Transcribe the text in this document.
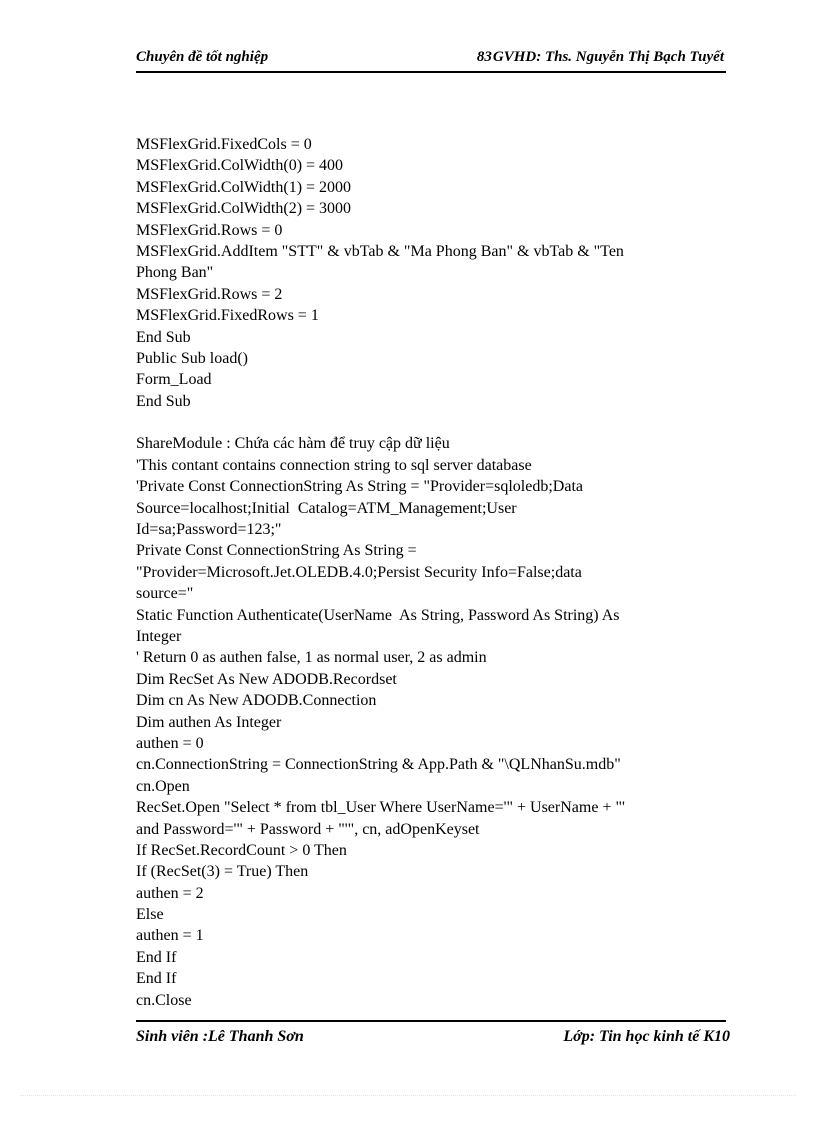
Chuyên đề tốt nghiệp	83GVHD: Ths. Nguyễn Thị Bạch Tuyết
MSFlexGrid.FixedCols = 0
MSFlexGrid.ColWidth(0) = 400
MSFlexGrid.ColWidth(1) = 2000
MSFlexGrid.ColWidth(2) = 3000
MSFlexGrid.Rows = 0
MSFlexGrid.AddItem "STT" & vbTab & "Ma Phong Ban" & vbTab & "Ten
Phong Ban"
MSFlexGrid.Rows = 2
MSFlexGrid.FixedRows = 1
End Sub
Public Sub load()
Form_Load
End Sub
ShareModule : Chứa các hàm để truy cập dữ liệu
'This contant contains connection string to sql server database
'Private Const ConnectionString As String = "Provider=sqloledb;Data
Source=localhost;Initial  Catalog=ATM_Management;User
Id=sa;Password=123;"
Private Const ConnectionString As String =
"Provider=Microsoft.Jet.OLEDB.4.0;Persist Security Info=False;data
source="
Static Function Authenticate(UserName  As String, Password As String) As
Integer
' Return 0 as authen false, 1 as normal user, 2 as admin
Dim RecSet As New ADODB.Recordset
Dim cn As New ADODB.Connection
Dim authen As Integer
authen = 0
cn.ConnectionString = ConnectionString & App.Path & "\QLNhanSu.mdb"
cn.Open
RecSet.Open "Select * from tbl_User Where UserName='" + UserName + "'
and Password='" + Password + "'", cn, adOpenKeyset
If RecSet.RecordCount > 0 Then
If (RecSet(3) = True) Then
authen = 2
Else
authen = 1
End If
End If
cn.Close
Sinh viên :Lê Thanh Sơn	Lớp: Tin học kinh tế K10
